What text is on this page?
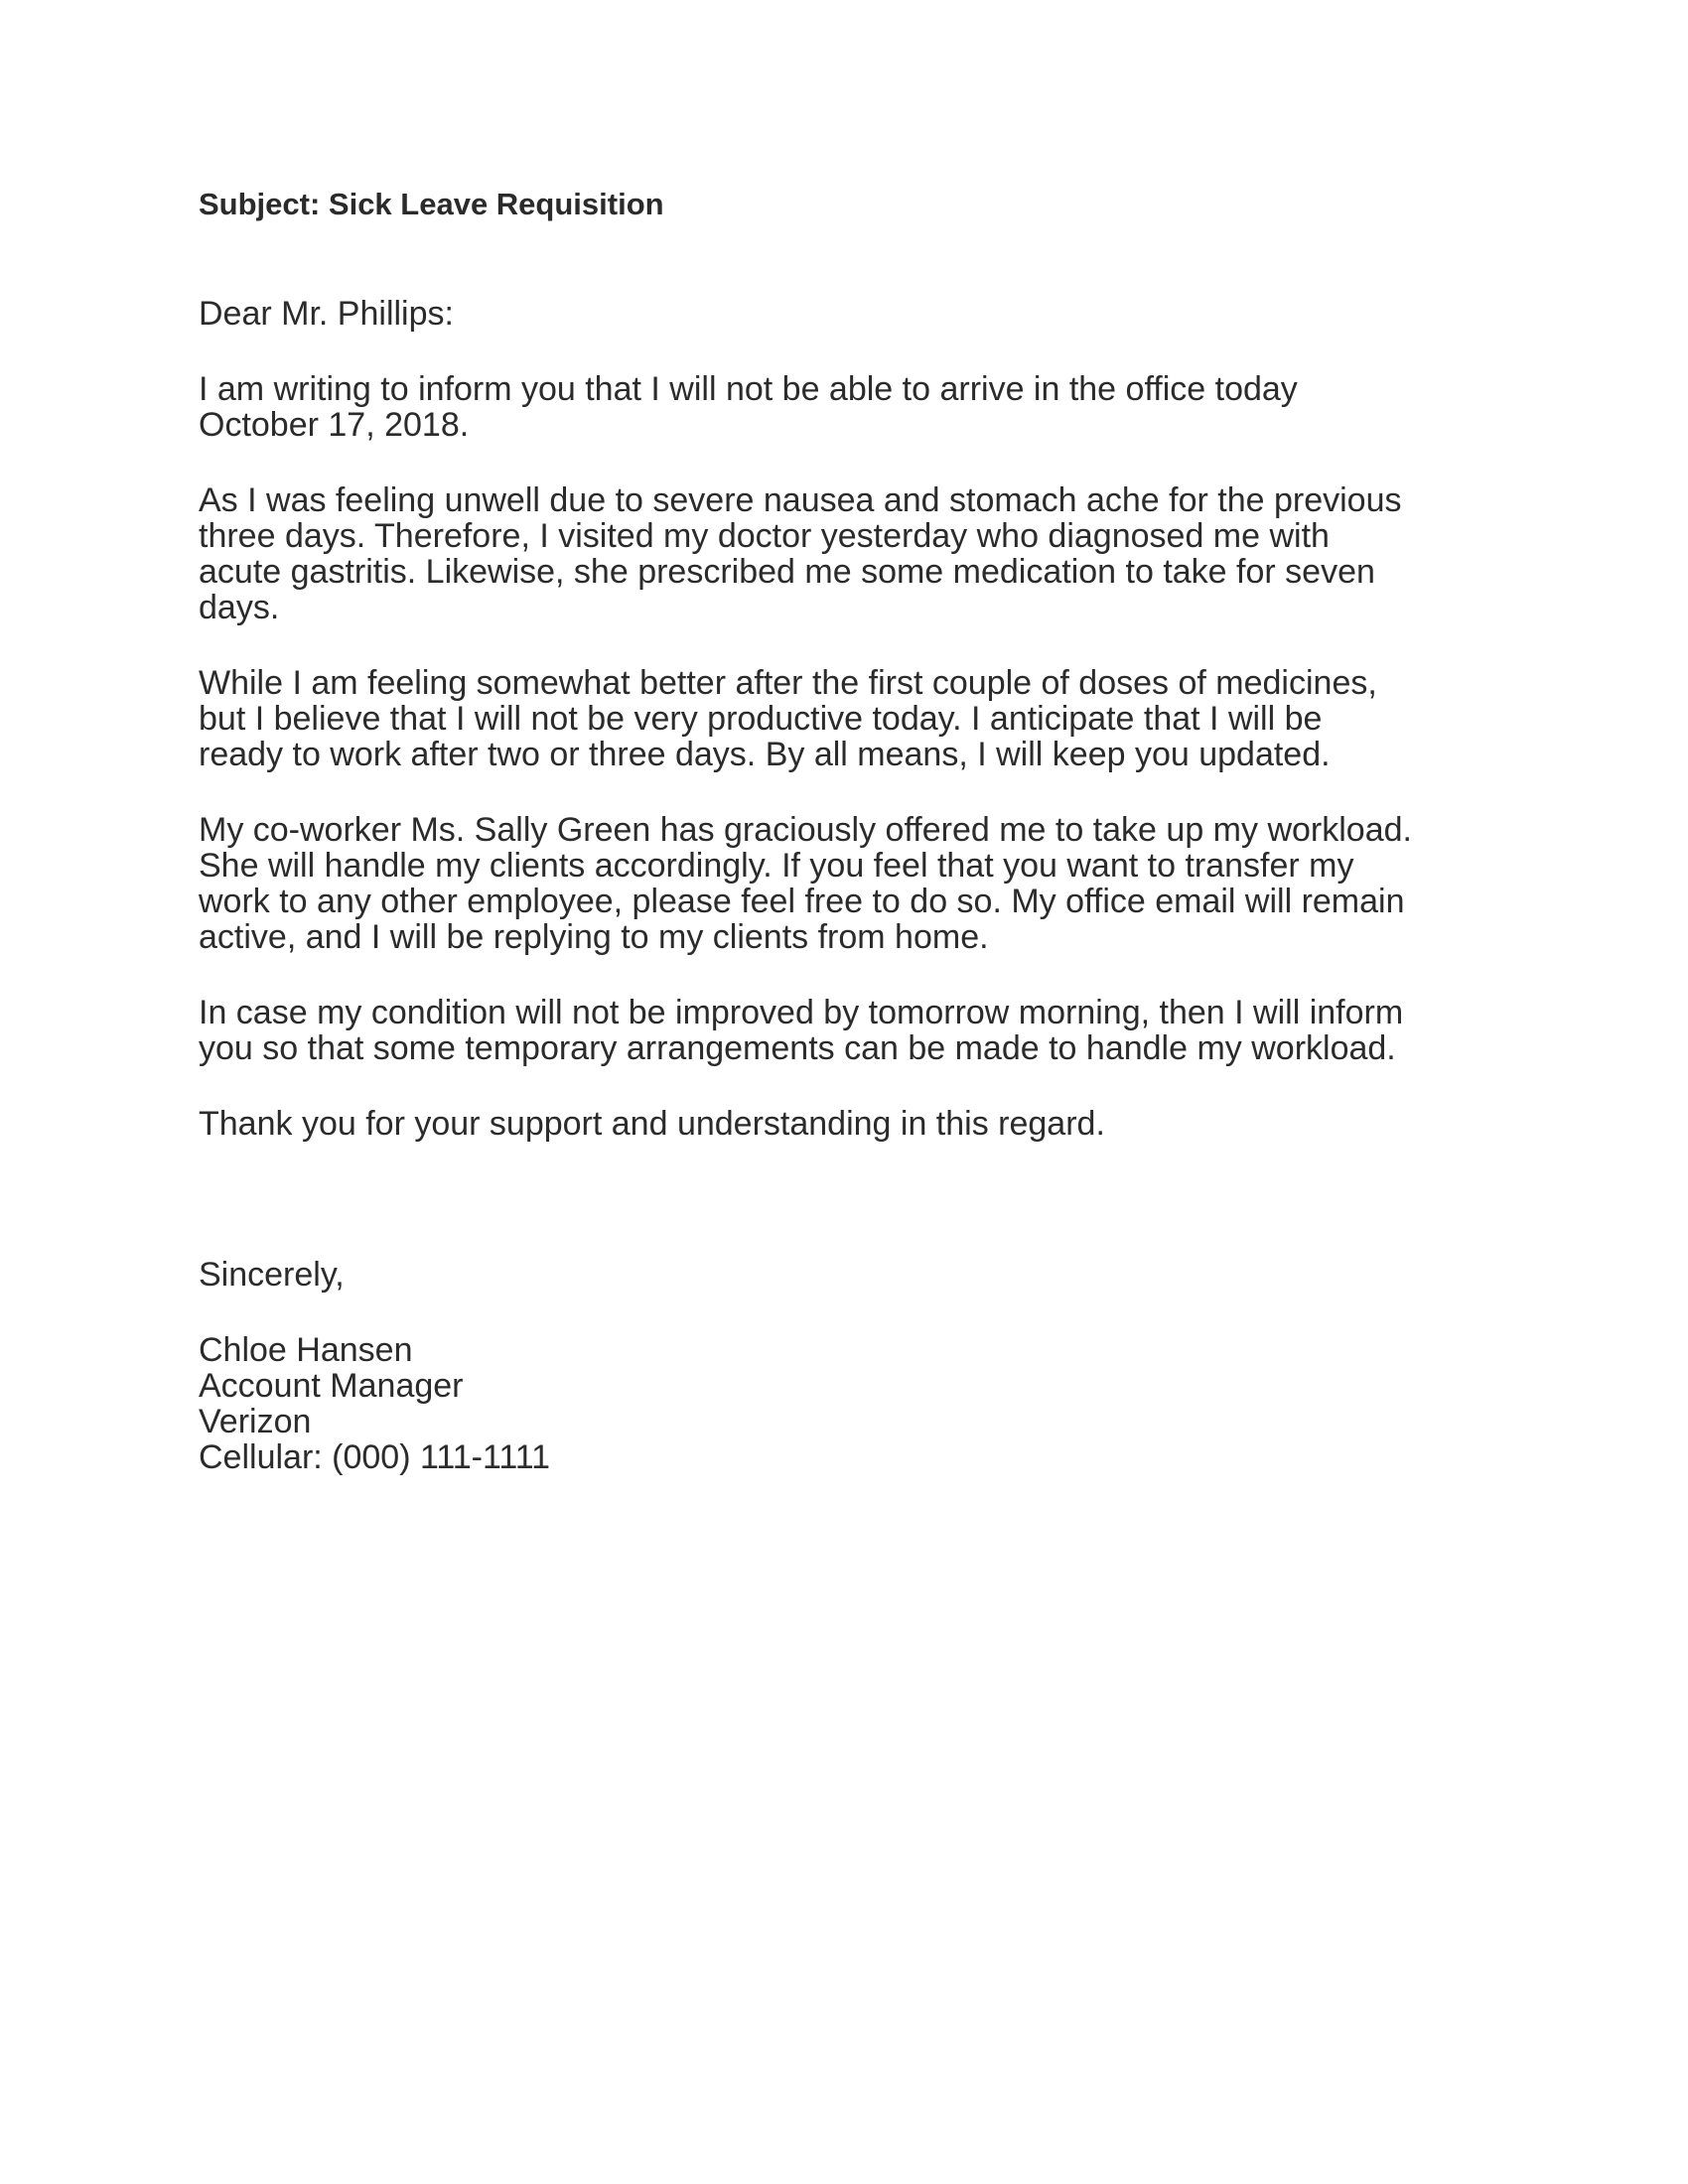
Subject: Sick Leave Requisition

Dear Mr. Phillips:

I am writing to inform you that I will not be able to arrive in the office today
October 17, 2018.

As I was feeling unwell due to severe nausea and stomach ache for the previous
three days. Therefore, I visited my doctor yesterday who diagnosed me with
acute gastritis. Likewise, she prescribed me some medication to take for seven
days.

While I am feeling somewhat better after the first couple of doses of medicines,
but I believe that I will not be very productive today. I anticipate that I will be
ready to work after two or three days. By all means, I will keep you updated.

My co-worker Ms. Sally Green has graciously offered me to take up my workload.
She will handle my clients accordingly. If you feel that you want to transfer my
work to any other employee, please feel free to do so. My office email will remain
active, and I will be replying to my clients from home.

In case my condition will not be improved by tomorrow morning, then I will inform
you so that some temporary arrangements can be made to handle my workload.

Thank you for your support and understanding in this regard.

Sincerely,

Chloe Hansen
Account Manager
Verizon
Cellular: (000) 111-1111
